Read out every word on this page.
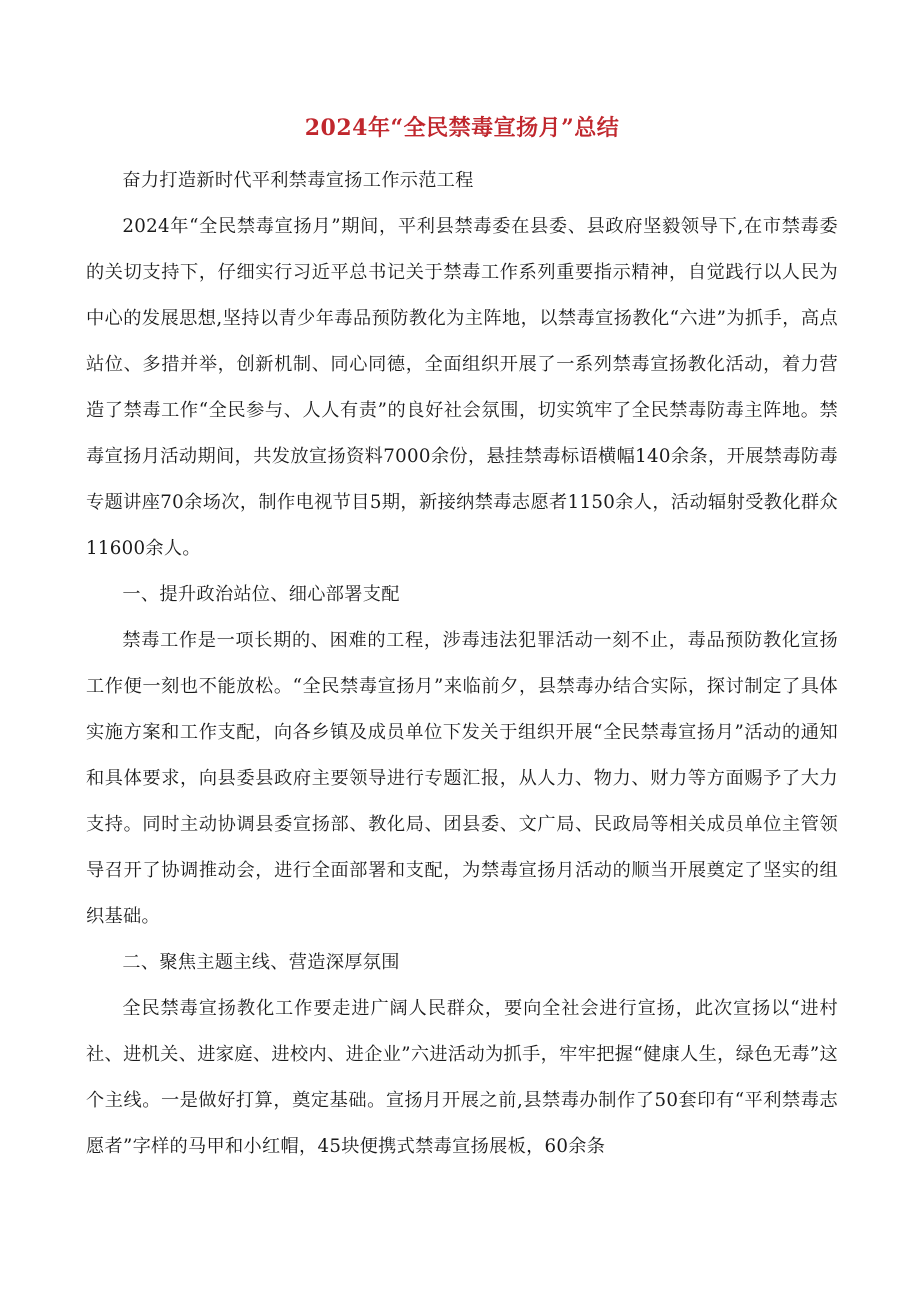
2024年“全民禁毒宣扬月”总结

奋力打造新时代平利禁毒宣扬工作示范工程

2024年“全民禁毒宣扬月”期间，平利县禁毒委在县委、县政府坚毅领导下,在市禁毒委的关切支持下，仔细实行习近平总书记关于禁毒工作系列重要指示精神，自觉践行以人民为中心的发展思想,坚持以青少年毒品预防教化为主阵地，以禁毒宣扬教化“六进”为抓手，高点站位、多措并举，创新机制、同心同德，全面组织开展了一系列禁毒宣扬教化活动，着力营造了禁毒工作“全民参与、人人有责”的良好社会氛围，切实筑牢了全民禁毒防毒主阵地。禁毒宣扬月活动期间，共发放宣扬资料7000余份，悬挂禁毒标语横幅140余条，开展禁毒防毒专题讲座70余场次，制作电视节目5期，新接纳禁毒志愿者1150余人，活动辐射受教化群众11600余人。

一、提升政治站位、细心部署支配

禁毒工作是一项长期的、困难的工程，涉毒违法犯罪活动一刻不止，毒品预防教化宣扬工作便一刻也不能放松。“全民禁毒宣扬月”来临前夕，县禁毒办结合实际，探讨制定了具体实施方案和工作支配，向各乡镇及成员单位下发关于组织开展“全民禁毒宣扬月”活动的通知和具体要求，向县委县政府主要领导进行专题汇报，从人力、物力、财力等方面赐予了大力支持。同时主动协调县委宣扬部、教化局、团县委、文广局、民政局等相关成员单位主管领导召开了协调推动会，进行全面部署和支配，为禁毒宣扬月活动的顺当开展奠定了坚实的组织基础。

二、聚焦主题主线、营造深厚氛围

全民禁毒宣扬教化工作要走进广阔人民群众，要向全社会进行宣扬，此次宣扬以“进村社、进机关、进家庭、进校内、进企业”六进活动为抓手，牢牢把握“健康人生，绿色无毒”这个主线。一是做好打算，奠定基础。宣扬月开展之前,县禁毒办制作了50套印有“平利禁毒志愿者”字样的马甲和小红帽，45块便携式禁毒宣扬展板，60余条
